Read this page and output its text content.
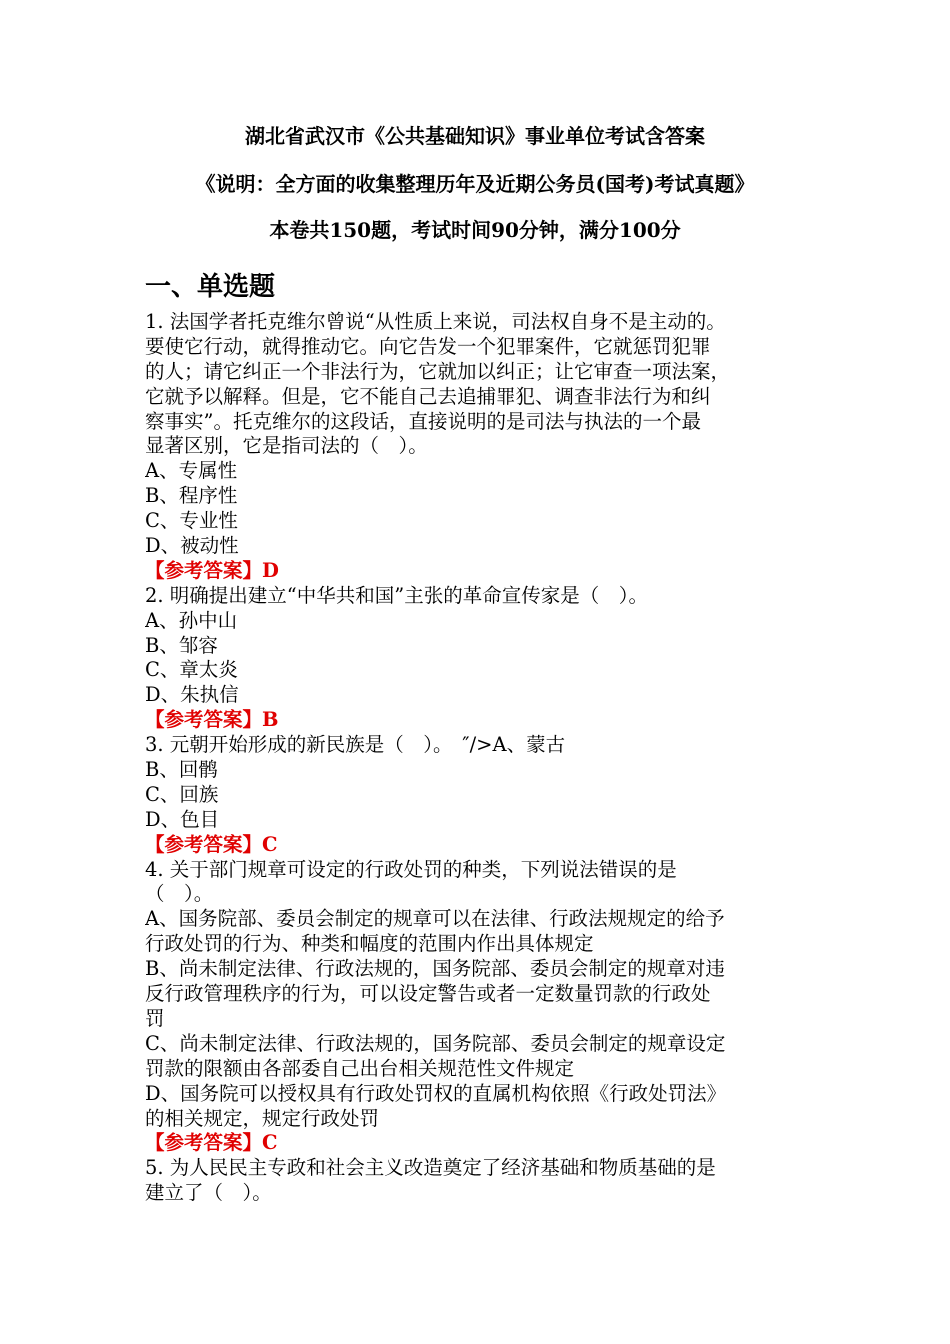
湖北省武汉市《公共基础知识》事业单位考试含答案
《说明：全方面的收集整理历年及近期公务员(国考)考试真题》
本卷共150题，考试时间90分钟，满分100分
一、单选题
1. 法国学者托克维尔曾说“从性质上来说，司法权自身不是主动的。
要使它行动，就得推动它。向它告发一个犯罪案件，它就惩罚犯罪
的人；请它纠正一个非法行为，它就加以纠正；让它审查一项法案，
它就予以解释。但是，它不能自己去追捕罪犯、调查非法行为和纠
察事实”。托克维尔的这段话，直接说明的是司法与执法的一个最
显著区别，它是指司法的（　）。
A、专属性
B、程序性
C、专业性
D、被动性
【参考答案】D
2. 明确提出建立“中华共和国”主张的革命宣传家是（　）。
A、孙中山
B、邹容
C、章太炎
D、朱执信
【参考答案】B
3. 元朝开始形成的新民族是（　）。　″/>A、蒙古
B、回鹘
C、回族
D、色目
【参考答案】C
4. 关于部门规章可设定的行政处罚的种类，下列说法错误的是
（　）。
A、国务院部、委员会制定的规章可以在法律、行政法规规定的给予
行政处罚的行为、种类和幅度的范围内作出具体规定
B、尚未制定法律、行政法规的，国务院部、委员会制定的规章对违
反行政管理秩序的行为，可以设定警告或者一定数量罚款的行政处
罚
C、尚未制定法律、行政法规的，国务院部、委员会制定的规章设定
罚款的限额由各部委自己出台相关规范性文件规定
D、国务院可以授权具有行政处罚权的直属机构依照《行政处罚法》
的相关规定，规定行政处罚
【参考答案】C
5. 为人民民主专政和社会主义改造奠定了经济基础和物质基础的是
建立了（　）。
